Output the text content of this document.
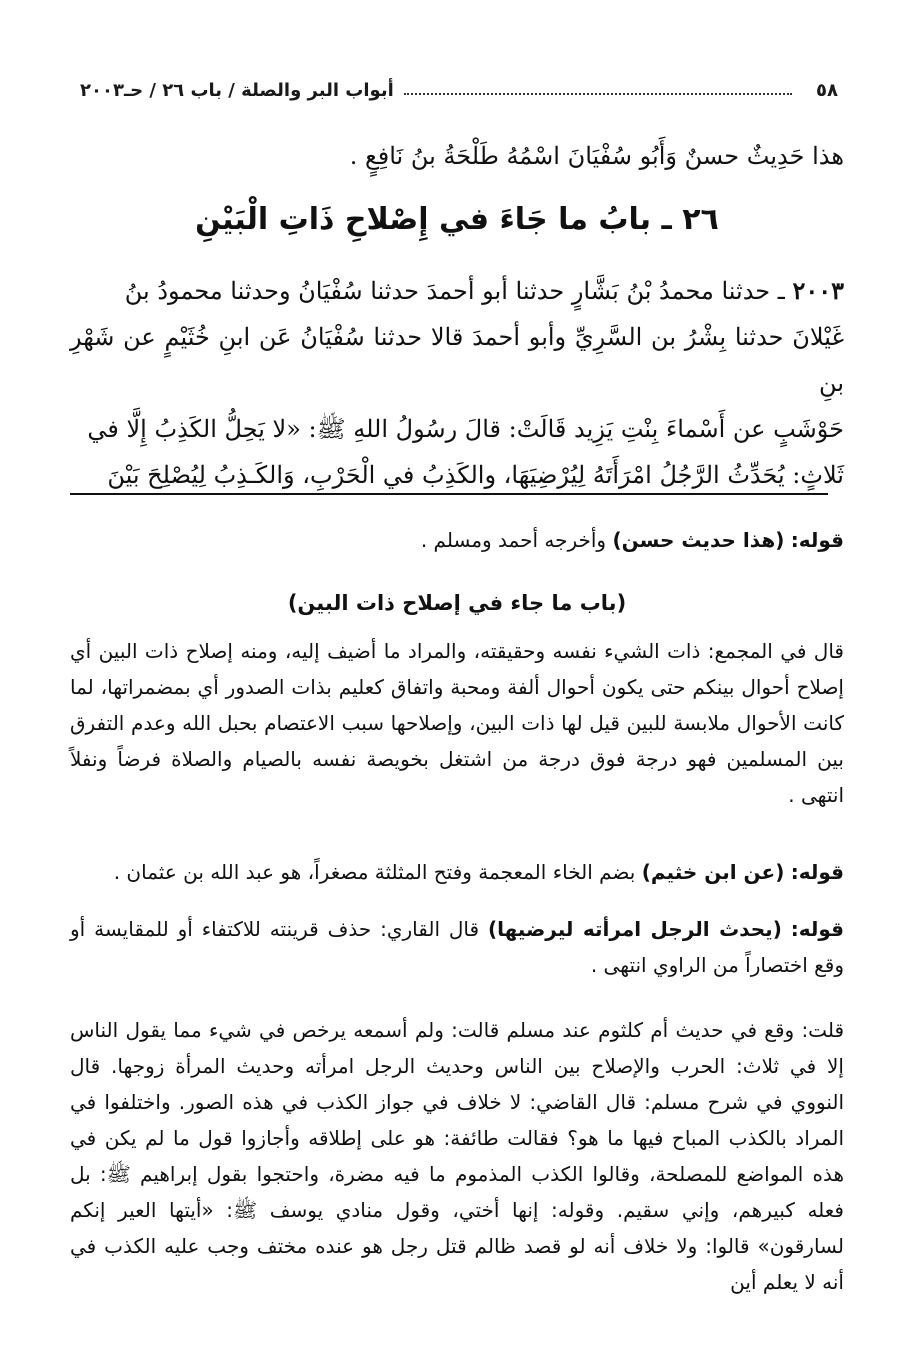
٥٨
أبواب البر والصلة / باب ٢٦ / حـ٢٠٠٣
هذا حَدِيثٌ حسنٌ وَأَبُو سُفْيَانَ اسْمُهُ طَلْحَةُ بنُ نَافِعٍ .
٢٦ ـ بابُ ما جَاءَ في إِصْلاحِ ذَاتِ الْبَيْنِ
٢٠٠٣ ـ حدثنا محمدُ بْنُ بَشَّارٍ حدثنا أبو أحمدَ حدثنا سُفْيَانُ وحدثنا محمودُ بنُ
غَيْلانَ حدثنا بِشْرُ بن السَّرِيِّ وأبو أحمدَ قالا حدثنا سُفْيَانُ عَن ابنِ خُثَيْمٍ عن شَهْرِ بنِ
حَوْشَبٍ عن أَسْماءَ بِنْتِ يَزِيد قَالَتْ: قالَ رسُولُ اللهِ ﷺ: «لا يَحِلُّ الكَذِبُ إِلَّا في
ثَلاثٍ: يُحَدِّثُ الرَّجُلُ امْرَأَتَهُ لِيُرْضِيَهَا، والكَذِبُ في الْحَرْبِ، وَالكَـذِبُ لِيُصْلِحَ بَيْنَ
قوله: (هذا حديث حسن) وأخرجه أحمد ومسلم .
(باب ما جاء في إصلاح ذات البين)
قال في المجمع: ذات الشيء نفسه وحقيقته، والمراد ما أضيف إليه، ومنه إصلاح ذات البين أي إصلاح أحوال بينكم حتى يكون أحوال ألفة ومحبة واتفاق كعليم بذات الصدور أي بمضمراتها، لما كانت الأحوال ملابسة للبين قيل لها ذات البين، وإصلاحها سبب الاعتصام بحبل الله وعدم التفرق بين المسلمين فهو درجة فوق درجة من اشتغل بخويصة نفسه بالصيام والصلاة فرضاً ونفلاً انتهى .
قوله: (عن ابن خثيم) بضم الخاء المعجمة وفتح المثلثة مصغراً، هو عبد الله بن عثمان .
قوله: (يحدث الرجل امرأته ليرضيها) قال القاري: حذف قرينته للاكتفاء أو للمقايسة أو وقع اختصاراً من الراوي انتهى .
قلت: وقع في حديث أم كلثوم عند مسلم قالت: ولم أسمعه يرخص في شيء مما يقول الناس إلا في ثلاث: الحرب والإصلاح بين الناس وحديث الرجل امرأته وحديث المرأة زوجها. قال النووي في شرح مسلم: قال القاضي: لا خلاف في جواز الكذب في هذه الصور. واختلفوا في المراد بالكذب المباح فيها ما هو؟ فقالت طائفة: هو على إطلاقه وأجازوا قول ما لم يكن في هذه المواضع للمصلحة، وقالوا الكذب المذموم ما فيه مضرة، واحتجوا بقول إبراهيم ﷺ: بل فعله كبيرهم، وإني سقيم. وقوله: إنها أختي، وقول منادي يوسف ﷺ: «أيتها العير إنكم لسارقون» قالوا: ولا خلاف أنه لو قصد ظالم قتل رجل هو عنده مختف وجب عليه الكذب في أنه لا يعلم أين
